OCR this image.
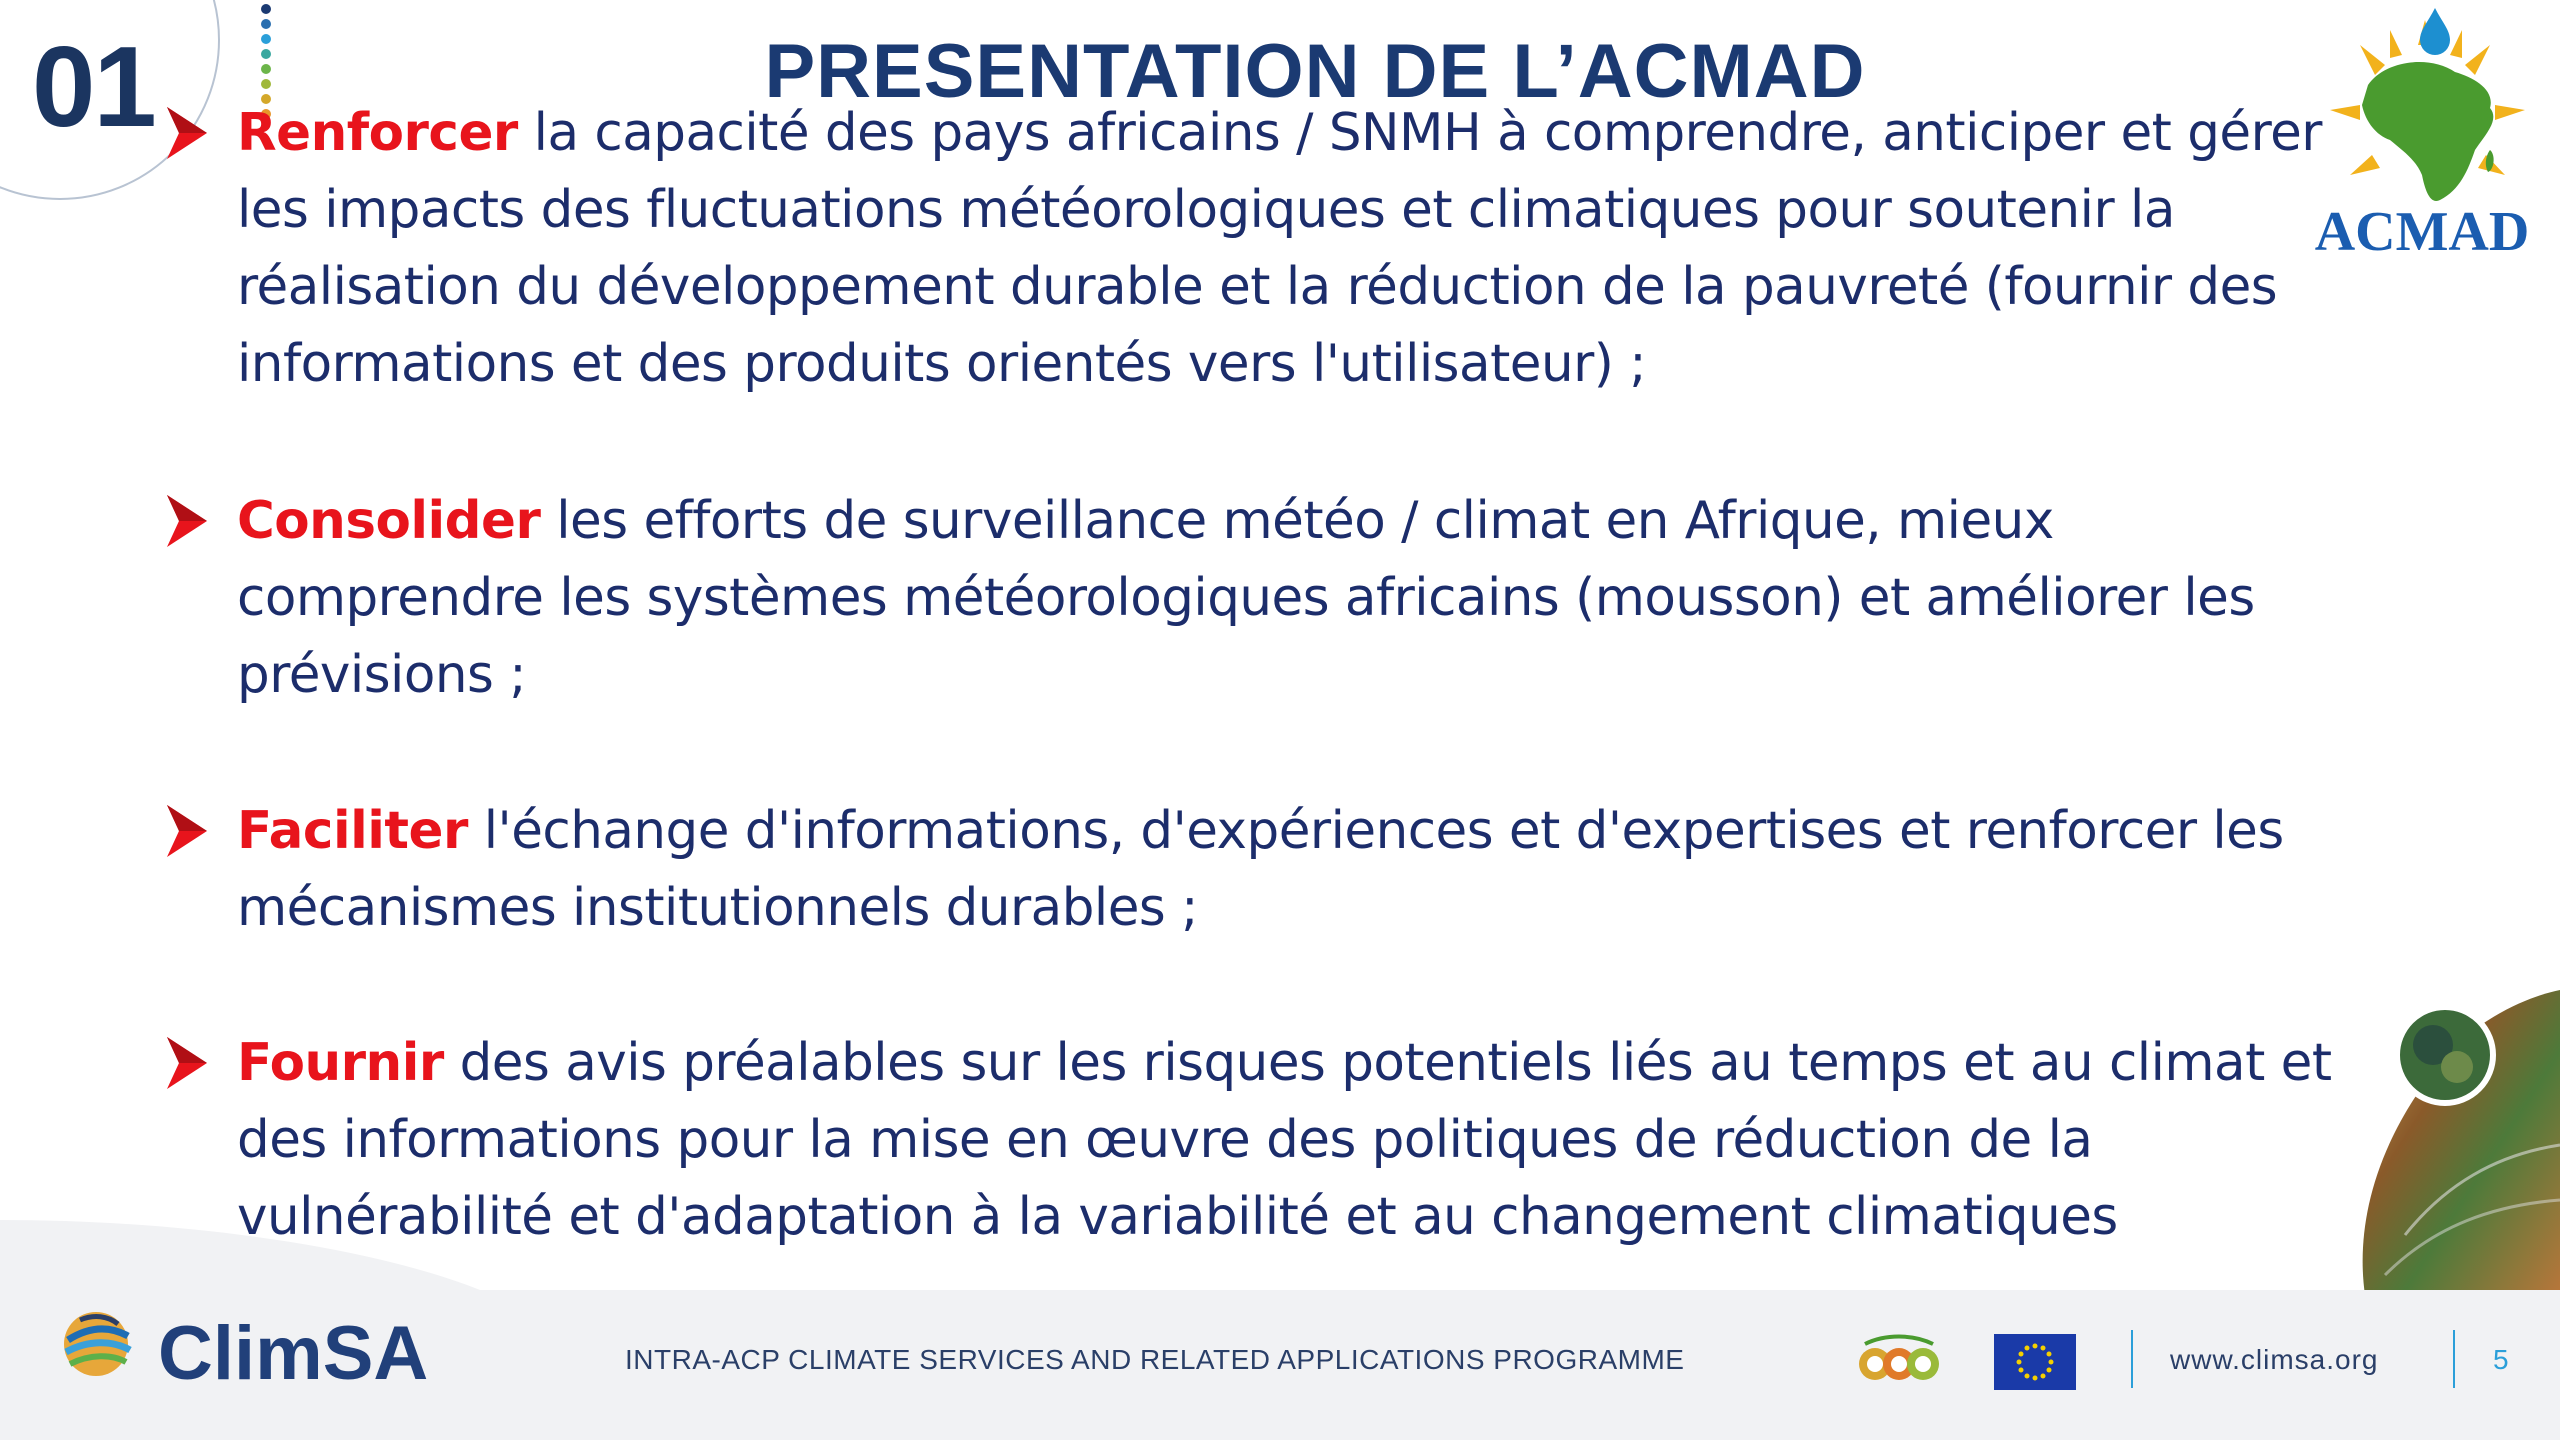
01	PRESENTATION DE L’ACMAD
ACMAD
Renforcer la capacité des pays africains / SNMH à comprendre, anticiper et gérer
les impacts des fluctuations météorologiques et climatiques pour soutenir la
réalisation du développement durable et la réduction de la pauvreté (fournir des
informations et des produits orientés vers l'utilisateur) ;
Consolider les efforts de surveillance météo / climat en Afrique, mieux
comprendre les systèmes météorologiques africains (mousson) et améliorer les
prévisions ;
Faciliter l'échange d'informations, d'expériences et d'expertises et renforcer les
mécanismes institutionnels durables ;
Fournir des avis préalables sur les risques potentiels liés au temps et au climat et
des informations pour la mise en œuvre des politiques de réduction de la
vulnérabilité et d'adaptation à la variabilité et au changement climatiques
ClimSA	INTRA-ACP CLIMATE SERVICES AND RELATED APPLICATIONS PROGRAMME	www.climsa.org	5
